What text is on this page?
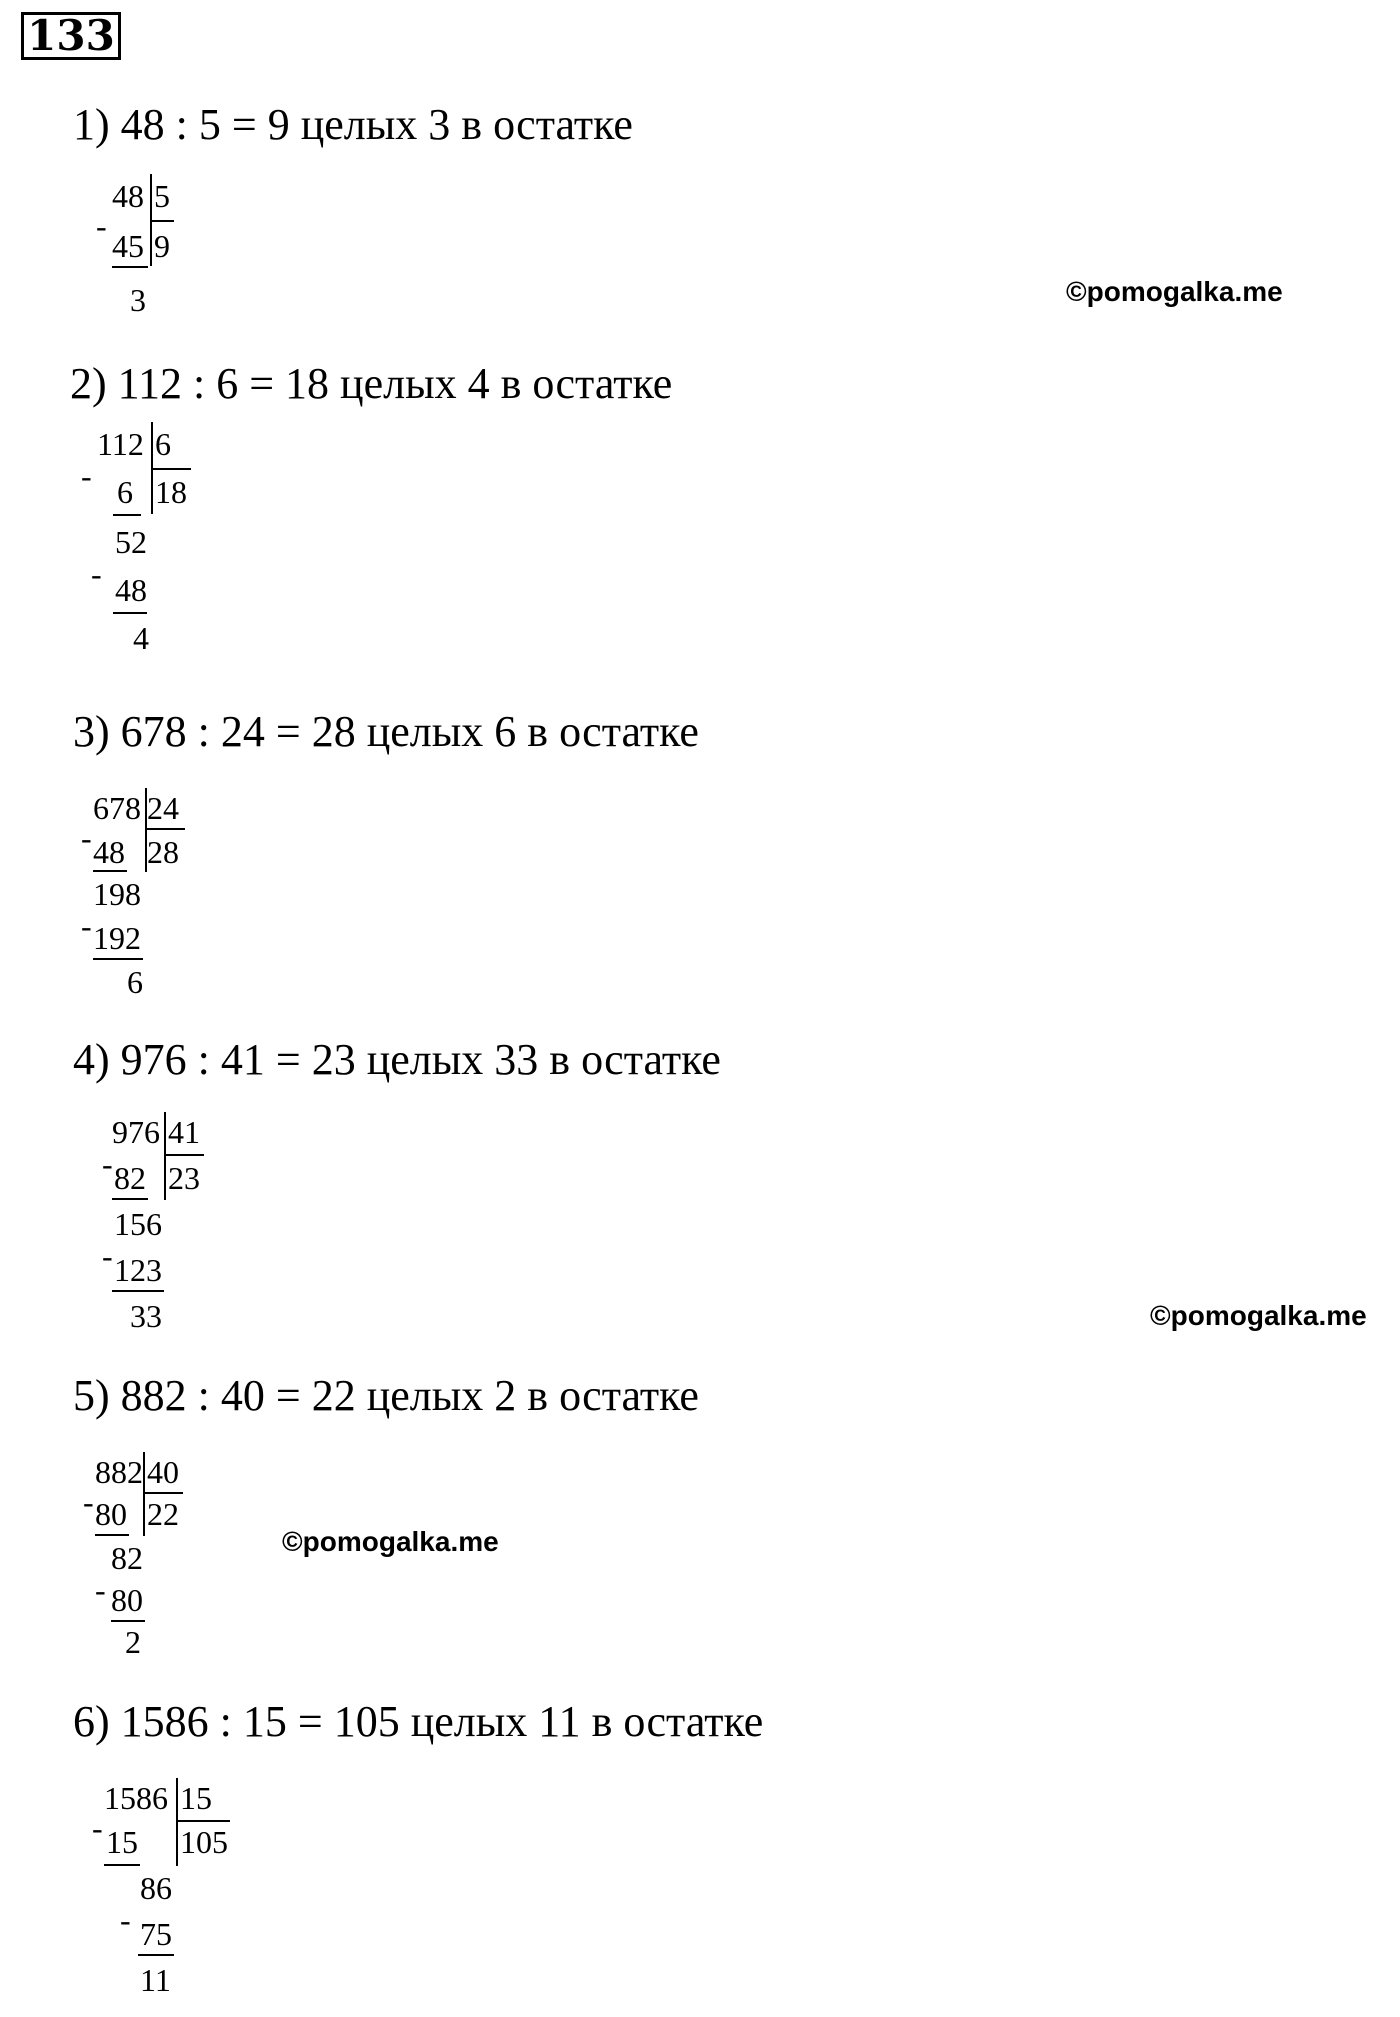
133
1) 48 : 5 = 9 целых 3 в остатке
48 5
-
45 9
3	©pomogalka.me
2) 112 : 6 = 18 целых 4 в остатке
112 6
- 6 18
52
- 48
4
3) 678 : 24 = 28 целых 6 в остатке
678 24
- 48 28
198
- 192
6
4) 976 : 41 = 23 целых 33 в остатке
976 41
- 82 23
156
- 123
33	©pomogalka.me
5) 882 : 40 = 22 целых 2 в остатке
882 40
- 80 22
82
- 80
2
©pomogalka.me
6) 1586 : 15 = 105 целых 11 в остатке
1586 15
- 15 105
86
- 75
11
